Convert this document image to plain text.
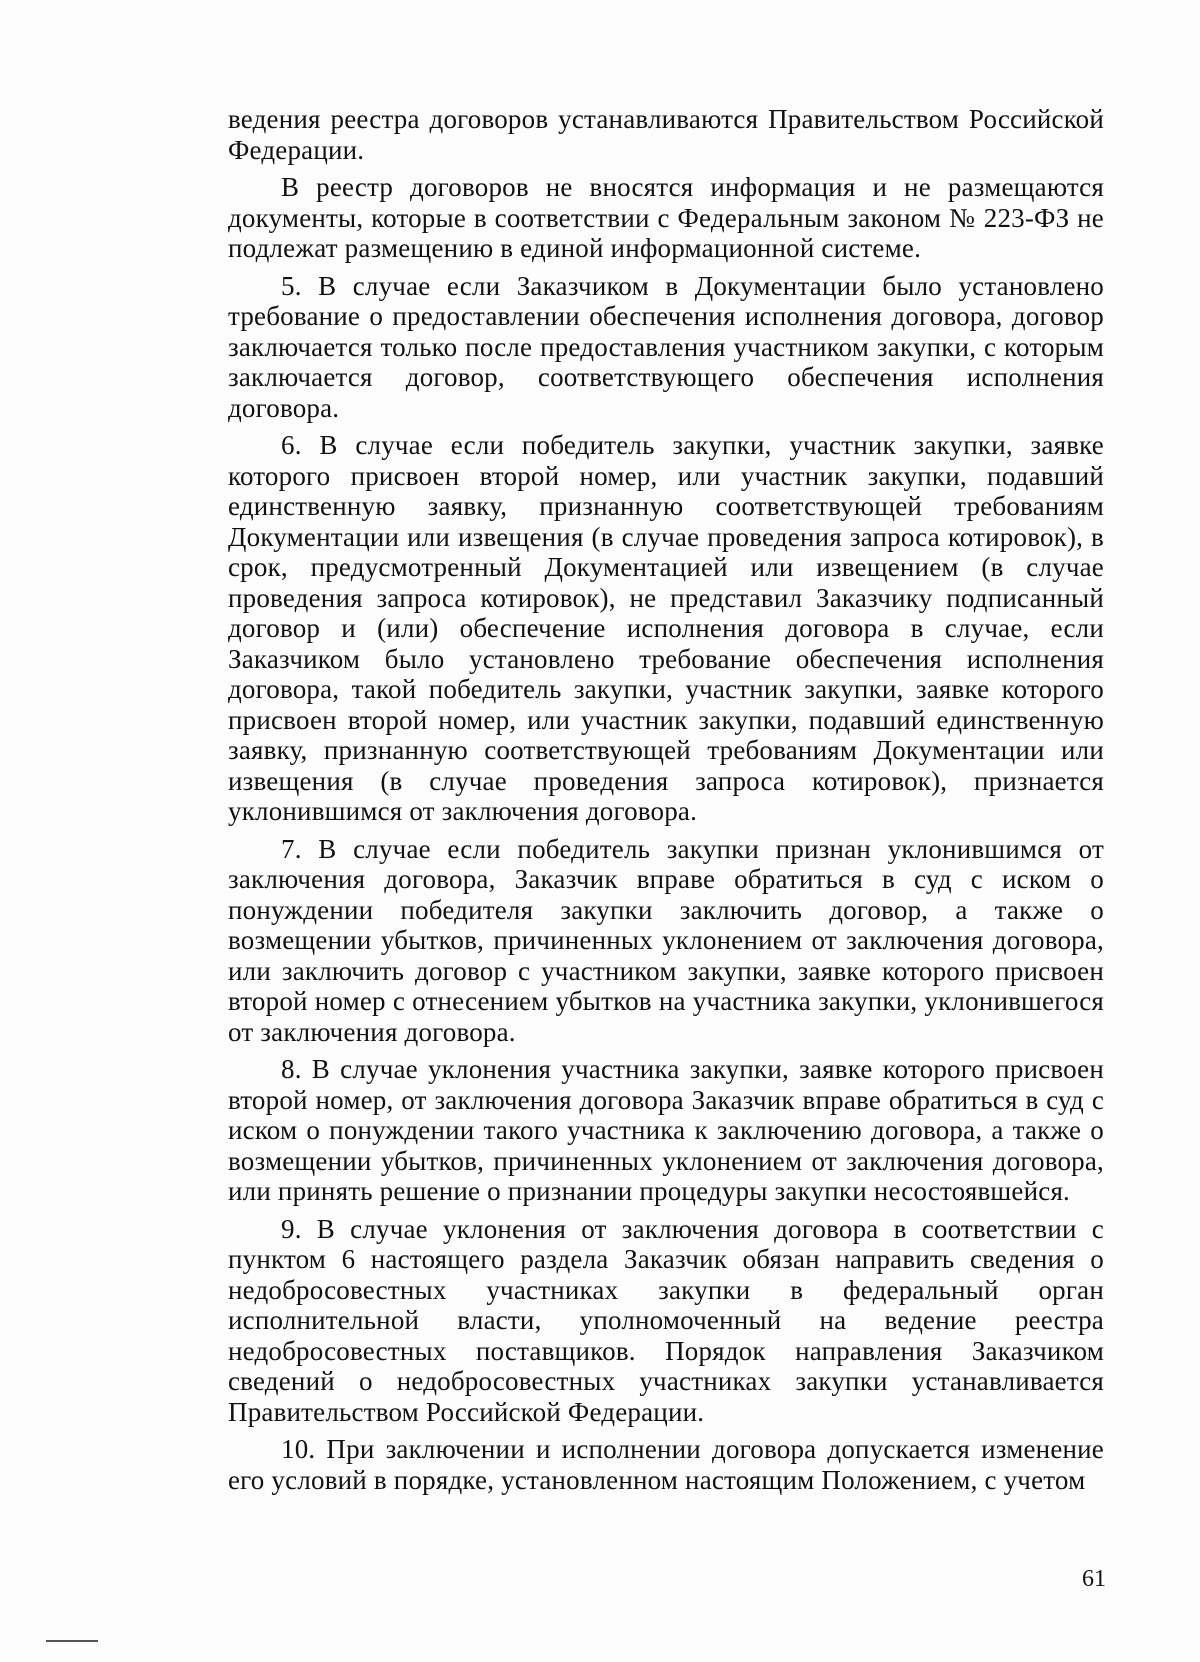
ведения реестра договоров устанавливаются Правительством Российской Федерации.

В реестр договоров не вносятся информация и не размещаются документы, которые в соответствии с Федеральным законом № 223-ФЗ не подлежат размещению в единой информационной системе.

5. В случае если Заказчиком в Документации было установлено требование о предоставлении обеспечения исполнения договора, договор заключается только после предоставления участником закупки, с которым заключается договор, соответствующего обеспечения исполнения договора.

6. В случае если победитель закупки, участник закупки, заявке которого присвоен второй номер, или участник закупки, подавший единственную заявку, признанную соответствующей требованиям Документации или извещения (в случае проведения запроса котировок), в срок, предусмотренный Документацией или извещением (в случае проведения запроса котировок), не представил Заказчику подписанный договор и (или) обеспечение исполнения договора в случае, если Заказчиком было установлено требование обеспечения исполнения договора, такой победитель закупки, участник закупки, заявке которого присвоен второй номер, или участник закупки, подавший единственную заявку, признанную соответствующей требованиям Документации или извещения (в случае проведения запроса котировок), признается уклонившимся от заключения договора.

7. В случае если победитель закупки признан уклонившимся от заключения договора, Заказчик вправе обратиться в суд с иском о понуждении победителя закупки заключить договор, а также о возмещении убытков, причиненных уклонением от заключения договора, или заключить договор с участником закупки, заявке которого присвоен второй номер с отнесением убытков на участника закупки, уклонившегося от заключения договора.

8. В случае уклонения участника закупки, заявке которого присвоен второй номер, от заключения договора Заказчик вправе обратиться в суд с иском о понуждении такого участника к заключению договора, а также о возмещении убытков, причиненных уклонением от заключения договора, или принять решение о признании процедуры закупки несостоявшейся.

9. В случае уклонения от заключения договора в соответствии с пунктом 6 настоящего раздела Заказчик обязан направить сведения о недобросовестных участниках закупки в федеральный орган исполнительной власти, уполномоченный на ведение реестра недобросовестных поставщиков. Порядок направления Заказчиком сведений о недобросовестных участниках закупки устанавливается Правительством Российской Федерации.

10. При заключении и исполнении договора допускается изменение его условий в порядке, установленном настоящим Положением, с учетом

61
